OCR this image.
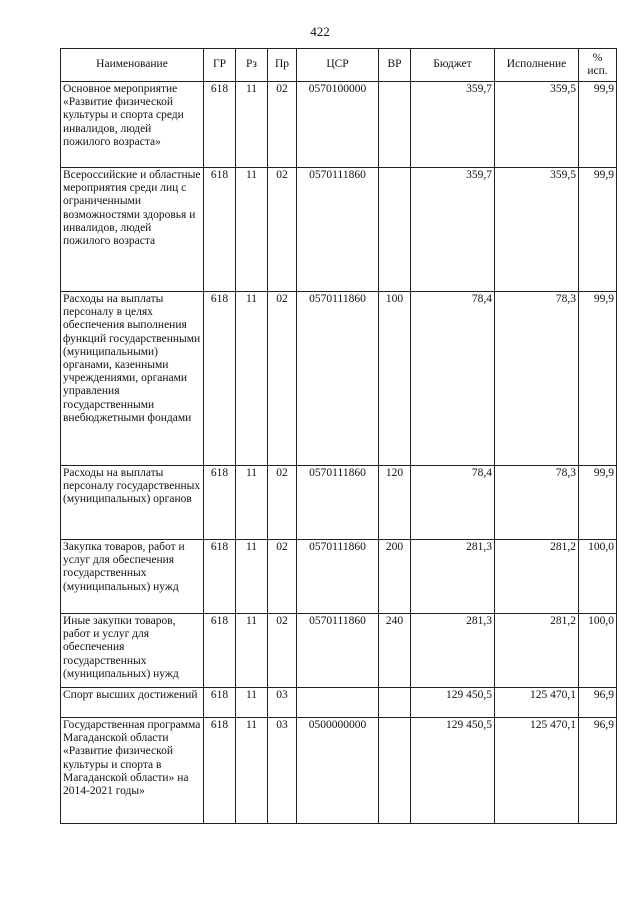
422
Наименование	ГР	Рз	Пр	ЦСР	ВР	Бюджет	Исполнение	%
исп.

Основное мероприятие «Развитие физической культуры и спорта среди инвалидов, людей пожилого возраста»	618	11	02	0570100000		359,7	359,5	99,9
Всероссийские и областные мероприятия среди лиц с ограниченными возможностями здоровья и инвалидов, людей пожилого возраста	618	11	02	0570111860		359,7	359,5	99,9
Расходы на выплаты персоналу в целях обеспечения выполнения функций государственными (муниципальными) органами, казенными учреждениями, органами управления государственными внебюджетными фондами	618	11	02	0570111860	100	78,4	78,3	99,9
Расходы на выплаты персоналу государственных (муниципальных) органов	618	11	02	0570111860	120	78,4	78,3	99,9
Закупка товаров, работ и услуг для обеспечения государственных (муниципальных) нужд	618	11	02	0570111860	200	281,3	281,2	100,0
Иные закупки товаров, работ и услуг для обеспечения государственных (муниципальных) нужд	618	11	02	0570111860	240	281,3	281,2	100,0
Спорт высших достижений	618	11	03			129 450,5	125 470,1	96,9
Государственная программа Магаданской области «Развитие физической культуры и спорта в Магаданской области» на 2014-2021 годы»	618	11	03	0500000000		129 450,5	125 470,1	96,9
